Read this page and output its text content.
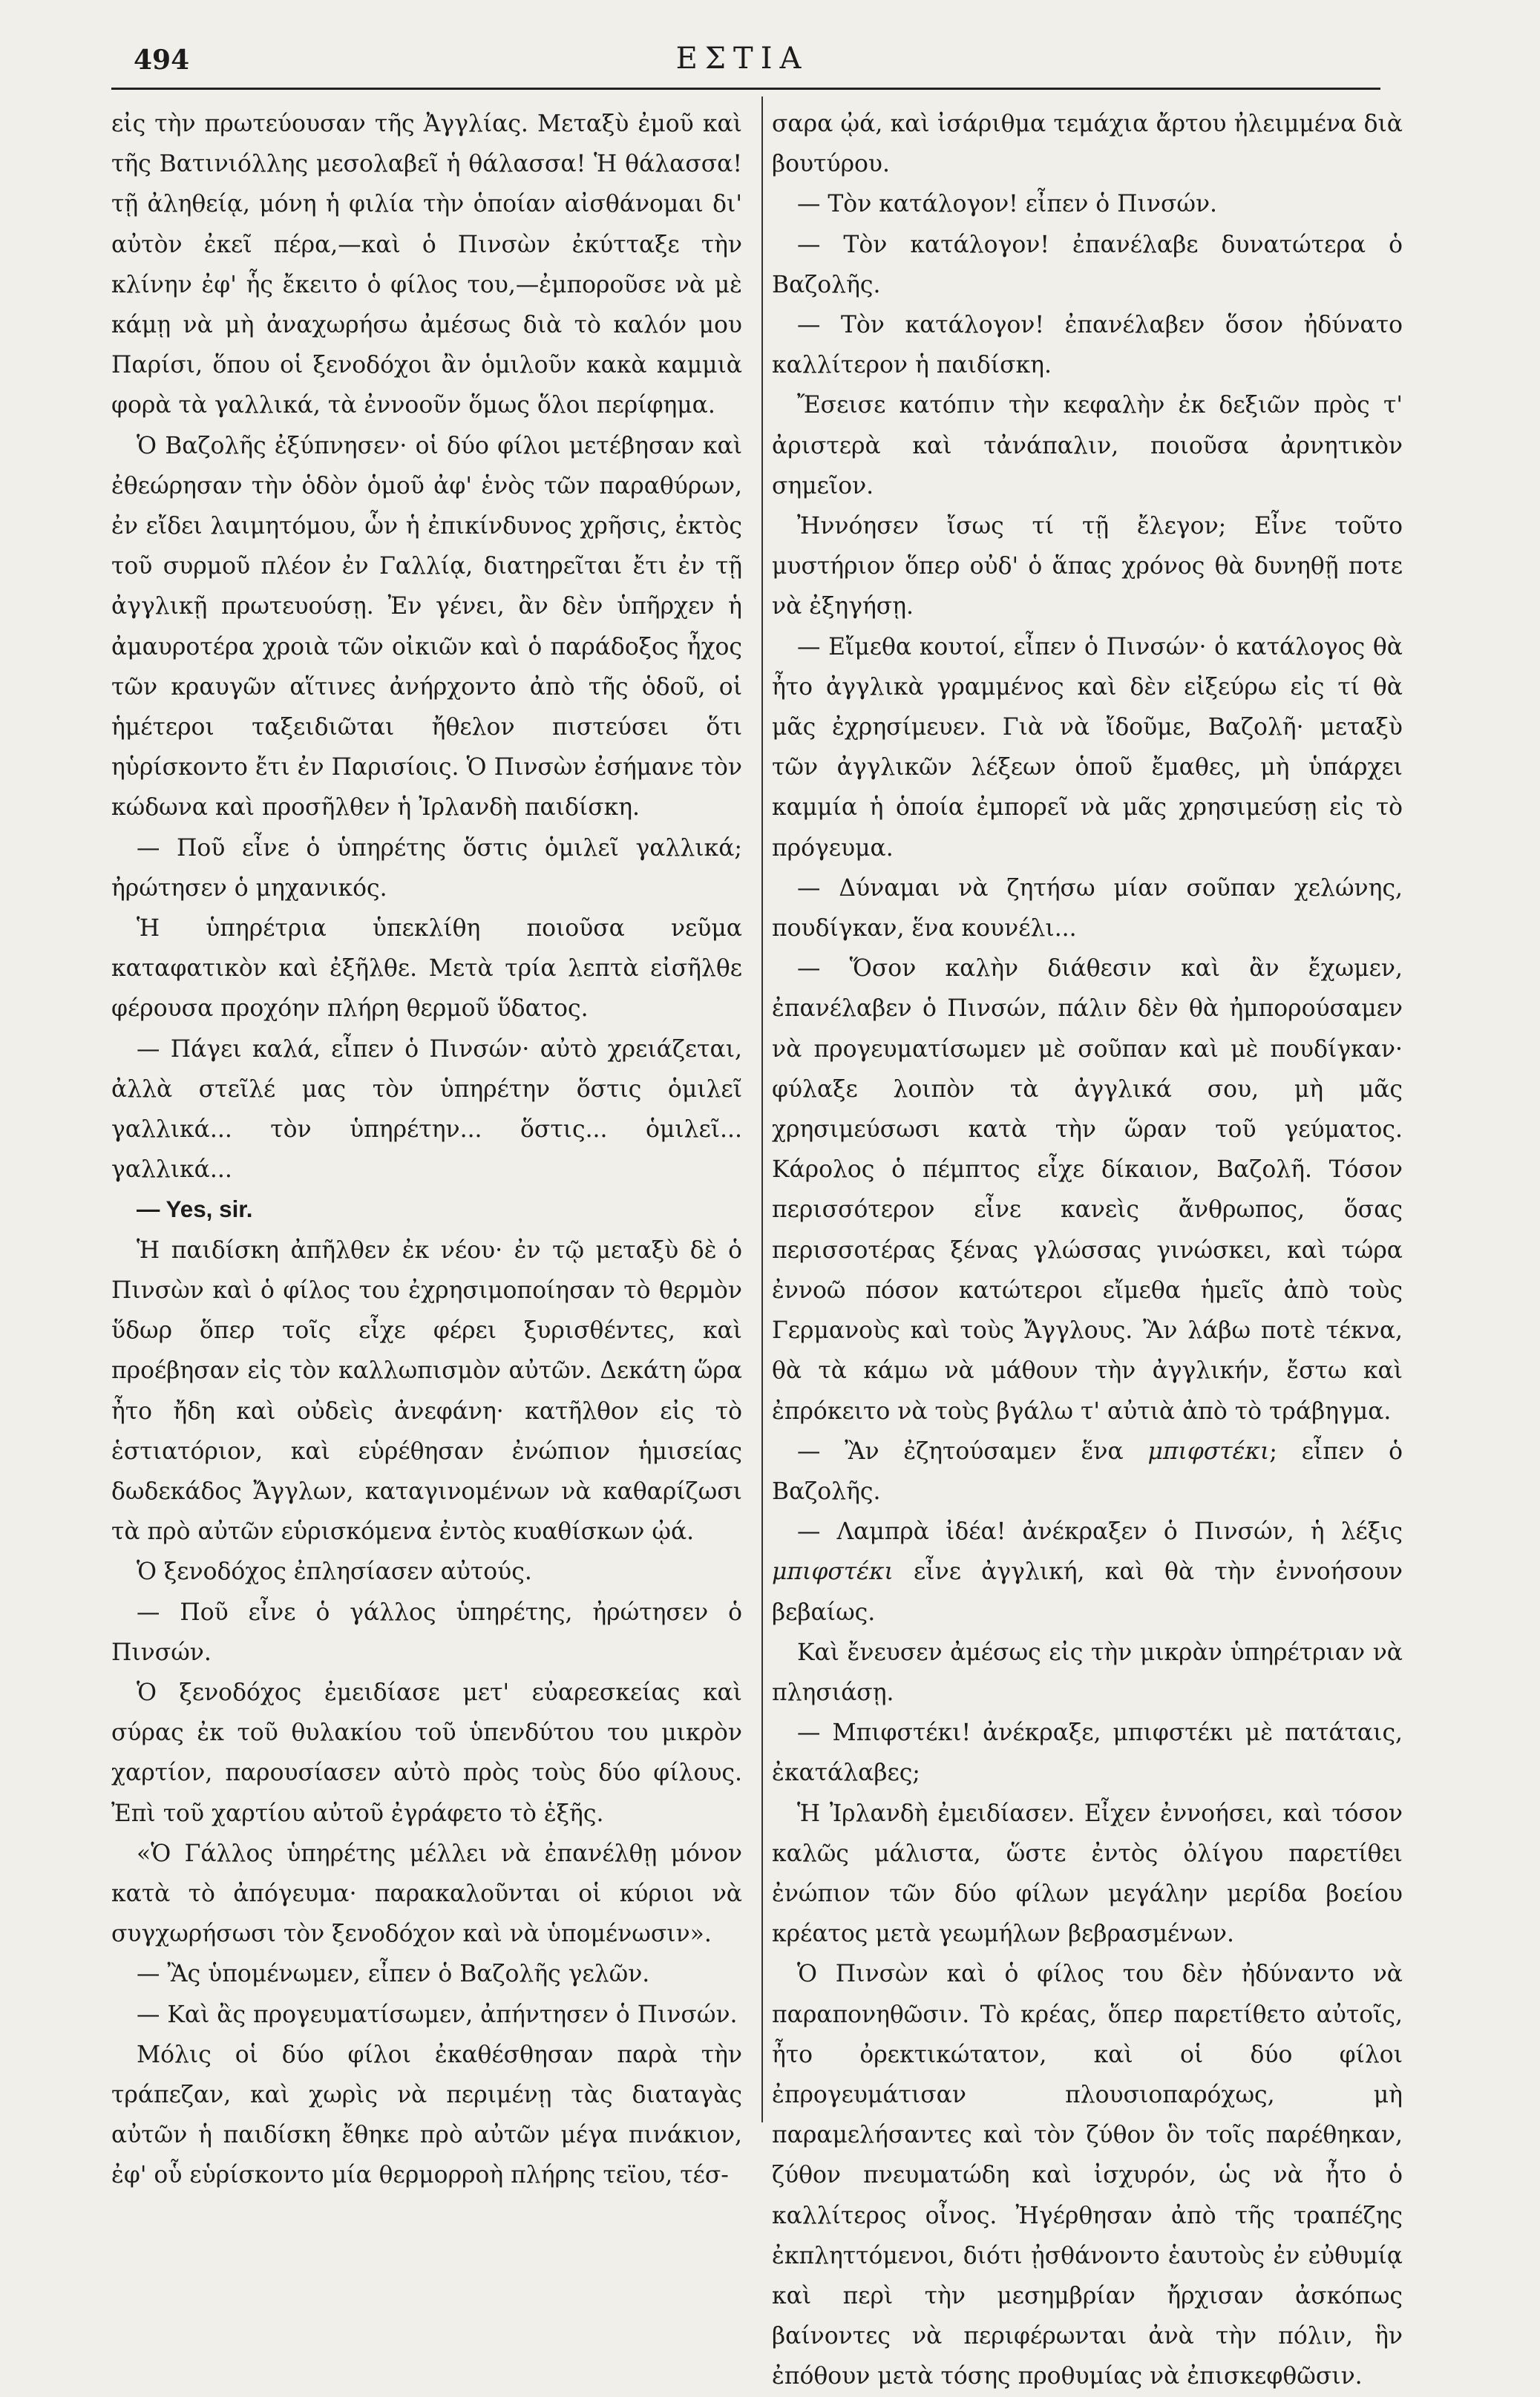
494	ΕΣΤΙΑ

εἰς τὴν πρωτεύουσαν τῆς Ἀγγλίας. Μεταξὺ ἐμοῦ καὶ τῆς Βατινιόλλης μεσολαβεῖ ἡ θάλασσα! Ἡ θάλασσα! τῇ ἀληθείᾳ, μόνη ἡ φιλία τὴν ὁποίαν αἰσθάνομαι δι' αὐτὸν ἐκεῖ πέρα,—καὶ ὁ Πινσὼν ἐκύτταξε τὴν κλίνην ἐφ' ἧς ἔκειτο ὁ φίλος του,—ἐμποροῦσε νὰ μὲ κάμῃ νὰ μὴ ἀναχωρήσω ἀμέσως διὰ τὸ καλόν μου Παρίσι, ὅπου οἱ ξενοδόχοι ἂν ὁμιλοῦν κακὰ καμμιὰ φορὰ τὰ γαλλικά, τὰ ἐννοοῦν ὅμως ὅλοι περίφημα.

Ὁ Βαζολῆς ἐξύπνησεν· οἱ δύο φίλοι μετέβησαν καὶ ἐθεώρησαν τὴν ὁδὸν ὁμοῦ ἀφ' ἑνὸς τῶν παραθύρων, ἐν εἴδει λαιμητόμου, ὧν ἡ ἐπικίνδυνος χρῆσις, ἐκτὸς τοῦ συρμοῦ πλέον ἐν Γαλλίᾳ, διατηρεῖται ἔτι ἐν τῇ ἀγγλικῇ πρωτευούσῃ. Ἐν γένει, ἂν δὲν ὑπῆρχεν ἡ ἀμαυροτέρα χροιὰ τῶν οἰκιῶν καὶ ὁ παράδοξος ἦχος τῶν κραυγῶν αἵτινες ἀνήρχοντο ἀπὸ τῆς ὁδοῦ, οἱ ἡμέτεροι ταξειδιῶται ἤθελον πιστεύσει ὅτι ηὑρίσκοντο ἔτι ἐν Παρισίοις. Ὁ Πινσὼν ἐσήμανε τὸν κώδωνα καὶ προσῆλθεν ἡ Ἰρλανδὴ παιδίσκη.

— Ποῦ εἶνε ὁ ὑπηρέτης ὅστις ὁμιλεῖ γαλλικά; ἠρώτησεν ὁ μηχανικός.

Ἡ ὑπηρέτρια ὑπεκλίθη ποιοῦσα νεῦμα καταφατικὸν καὶ ἐξῆλθε. Μετὰ τρία λεπτὰ εἰσῆλθε φέρουσα προχόην πλήρη θερμοῦ ὕδατος.

— Πάγει καλά, εἶπεν ὁ Πινσών· αὐτὸ χρειάζεται, ἀλλὰ στεῖλέ μας τὸν ὑπηρέτην ὅστις ὁμιλεῖ γαλλικά... τὸν ὑπηρέτην... ὅστις... ὁμιλεῖ... γαλλικά...

— Yes, sir.

Ἡ παιδίσκη ἀπῆλθεν ἐκ νέου· ἐν τῷ μεταξὺ δὲ ὁ Πινσὼν καὶ ὁ φίλος του ἐχρησιμοποίησαν τὸ θερμὸν ὕδωρ ὅπερ τοῖς εἶχε φέρει ξυρισθέντες, καὶ προέβησαν εἰς τὸν καλλωπισμὸν αὐτῶν. Δεκάτη ὥρα ἦτο ἤδη καὶ οὐδεὶς ἀνεφάνη· κατῆλθον εἰς τὸ ἑστιατόριον, καὶ εὑρέθησαν ἐνώπιον ἡμισείας δωδεκάδος Ἄγγλων, καταγινομένων νὰ καθαρίζωσι τὰ πρὸ αὐτῶν εὑρισκόμενα ἐντὸς κυαθίσκων ᾠά.

Ὁ ξενοδόχος ἐπλησίασεν αὐτούς.

— Ποῦ εἶνε ὁ γάλλος ὑπηρέτης, ἠρώτησεν ὁ Πινσών.

Ὁ ξενοδόχος ἐμειδίασε μετ' εὐαρεσκείας καὶ σύρας ἐκ τοῦ θυλακίου τοῦ ὑπενδύτου του μικρὸν χαρτίον, παρουσίασεν αὐτὸ πρὸς τοὺς δύο φίλους. Ἐπὶ τοῦ χαρτίου αὐτοῦ ἐγράφετο τὸ ἑξῆς.

«Ὁ Γάλλος ὑπηρέτης μέλλει νὰ ἐπανέλθῃ μόνον κατὰ τὸ ἀπόγευμα· παρακαλοῦνται οἱ κύριοι νὰ συγχωρήσωσι τὸν ξενοδόχον καὶ νὰ ὑπομένωσιν».

— Ἂς ὑπομένωμεν, εἶπεν ὁ Βαζολῆς γελῶν.

— Καὶ ἂς προγευματίσωμεν, ἀπήντησεν ὁ Πινσών.

Μόλις οἱ δύο φίλοι ἐκαθέσθησαν παρὰ τὴν τράπεζαν, καὶ χωρὶς νὰ περιμένῃ τὰς διαταγὰς αὐτῶν ἡ παιδίσκη ἔθηκε πρὸ αὐτῶν μέγα πινάκιον, ἐφ' οὗ εὑρίσκοντο μία θερμορροὴ πλήρης τεϊου, τέσ-

σαρα ᾠά, καὶ ἰσάριθμα τεμάχια ἄρτου ἠλειμμένα διὰ βουτύρου.

— Τὸν κατάλογον! εἶπεν ὁ Πινσών.

— Τὸν κατάλογον! ἐπανέλαβε δυνατώτερα ὁ Βαζολῆς.

— Τὸν κατάλογον! ἐπανέλαβεν ὅσον ἠδύνατο καλλίτερον ἡ παιδίσκη.

Ἔσεισε κατόπιν τὴν κεφαλὴν ἐκ δεξιῶν πρὸς τ' ἀριστερὰ καὶ τἀνάπαλιν, ποιοῦσα ἀρνητικὸν σημεῖον.

Ἠννόησεν ἴσως τί τῇ ἔλεγον; Εἶνε τοῦτο μυστήριον ὅπερ οὐδ' ὁ ἅπας χρόνος θὰ δυνηθῇ ποτε νὰ ἐξηγήσῃ.

— Εἴμεθα κουτοί, εἶπεν ὁ Πινσών· ὁ κατάλογος θὰ ἦτο ἀγγλικὰ γραμμένος καὶ δὲν εἰξεύρω εἰς τί θὰ μᾶς ἐχρησίμευεν. Γιὰ νὰ ἴδοῦμε, Βαζολῆ· μεταξὺ τῶν ἀγγλικῶν λέξεων ὁποῦ ἔμαθες, μὴ ὑπάρχει καμμία ἡ ὁποία ἐμπορεῖ νὰ μᾶς χρησιμεύσῃ εἰς τὸ πρόγευμα.

— Δύναμαι νὰ ζητήσω μίαν σοῦπαν χελώνης, πουδίγκαν, ἕνα κουνέλι...

— Ὅσον καλὴν διάθεσιν καὶ ἂν ἔχωμεν, ἐπανέλαβεν ὁ Πινσών, πάλιν δὲν θὰ ἠμπορούσαμεν νὰ προγευματίσωμεν μὲ σοῦπαν καὶ μὲ πουδίγκαν· φύλαξε λοιπὸν τὰ ἀγγλικά σου, μὴ μᾶς χρησιμεύσωσι κατὰ τὴν ὥραν τοῦ γεύματος. Κάρολος ὁ πέμπτος εἶχε δίκαιον, Βαζολῆ. Τόσον περισσότερον εἶνε κανεὶς ἄνθρωπος, ὅσας περισσοτέρας ξένας γλώσσας γινώσκει, καὶ τώρα ἐννοῶ πόσον κατώτεροι εἴμεθα ἡμεῖς ἀπὸ τοὺς Γερμανοὺς καὶ τοὺς Ἄγγλους. Ἂν λάβω ποτὲ τέκνα, θὰ τὰ κάμω νὰ μάθουν τὴν ἀγγλικήν, ἔστω καὶ ἐπρόκειτο νὰ τοὺς βγάλω τ' αὐτιὰ ἀπὸ τὸ τράβηγμα.

— Ἂν ἐζητούσαμεν ἕνα μπιφστέκι; εἶπεν ὁ Βαζολῆς.

— Λαμπρὰ ἰδέα! ἀνέκραξεν ὁ Πινσών, ἡ λέξις μπιφστέκι εἶνε ἀγγλική, καὶ θὰ τὴν ἐννοήσουν βεβαίως.

Καὶ ἔνευσεν ἀμέσως εἰς τὴν μικρὰν ὑπηρέτριαν νὰ πλησιάσῃ.

— Μπιφστέκι! ἀνέκραξε, μπιφστέκι μὲ πατάταις, ἐκατάλαβες;

Ἡ Ἰρλανδὴ ἐμειδίασεν. Εἶχεν ἐννοήσει, καὶ τόσον καλῶς μάλιστα, ὥστε ἐντὸς ὀλίγου παρετίθει ἐνώπιον τῶν δύο φίλων μεγάλην μερίδα βοείου κρέατος μετὰ γεωμήλων βεβρασμένων.

Ὁ Πινσὼν καὶ ὁ φίλος του δὲν ἠδύναντο νὰ παραπονηθῶσιν. Τὸ κρέας, ὅπερ παρετίθετο αὐτοῖς, ἦτο ὀρεκτικώτατον, καὶ οἱ δύο φίλοι ἐπρογευμάτισαν πλουσιοπαρόχως, μὴ παραμελήσαντες καὶ τὸν ζύθον ὃν τοῖς παρέθηκαν, ζύθον πνευματώδη καὶ ἰσχυρόν, ὡς νὰ ἦτο ὁ καλλίτερος οἶνος. Ἠγέρθησαν ἀπὸ τῆς τραπέζης ἐκπληττόμενοι, διότι ᾐσθάνοντο ἑαυτοὺς ἐν εὐθυμίᾳ καὶ περὶ τὴν μεσημβρίαν ἤρχισαν ἀσκόπως βαίνοντες νὰ περιφέρωνται ἀνὰ τὴν πόλιν, ἣν ἐπόθουν μετὰ τόσης προθυμίας νὰ ἐπισκεφθῶσιν.
